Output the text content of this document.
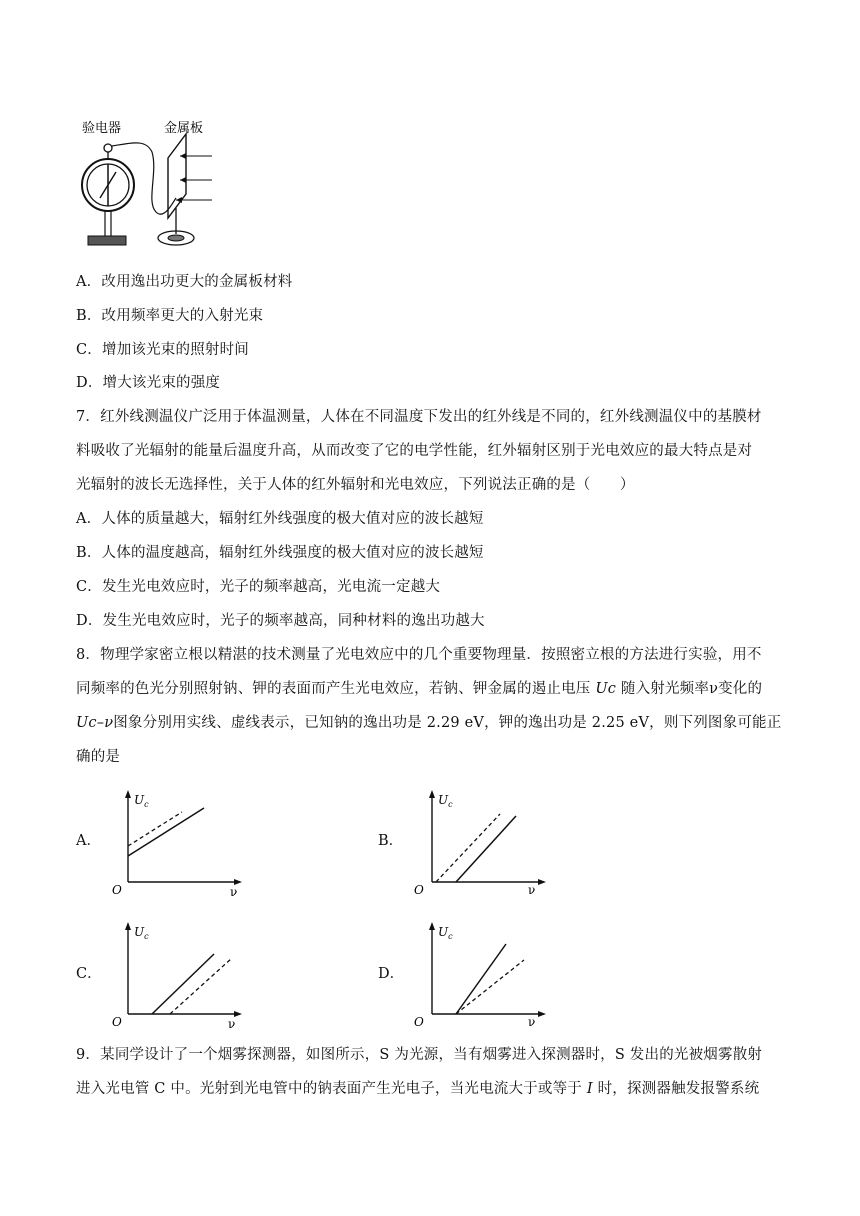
验电器	金属板
A．改用逸出功更大的金属板材料
B．改用频率更大的入射光束
C．增加该光束的照射时间
D．增大该光束的强度
7．红外线测温仪广泛用于体温测量，人体在不同温度下发出的红外线是不同的，红外线测温仪中的基膜材
料吸收了光辐射的能量后温度升高，从而改变了它的电学性能，红外辐射区别于光电效应的最大特点是对
光辐射的波长无选择性，关于人体的红外辐射和光电效应，下列说法正确的是（　　）
A．人体的质量越大，辐射红外线强度的极大值对应的波长越短
B．人体的温度越高，辐射红外线强度的极大值对应的波长越短
C．发生光电效应时，光子的频率越高，光电流一定越大
D．发生光电效应时，光子的频率越高，同种材料的逸出功越大
8．物理学家密立根以精湛的技术测量了光电效应中的几个重要物理量．按照密立根的方法进行实验，用不
同频率的色光分别照射钠、钾的表面而产生光电效应，若钠、钾金属的遏止电压 Uc 随入射光频率ν变化的
Uc–ν图象分别用实线、虚线表示，已知钠的逸出功是 2.29 eV，钾的逸出功是 2.25 eV，则下列图象可能正
确的是
A．
$U_c$
O	ν
B．
$U_c$
O	ν
C．
$U_c$
O	ν
D．
$U_c$
O	ν
9．某同学设计了一个烟雾探测器，如图所示，S 为光源，当有烟雾进入探测器时，S 发出的光被烟雾散射
进入光电管 C 中。光射到光电管中的钠表面产生光电子，当光电流大于或等于 I 时，探测器触发报警系统
